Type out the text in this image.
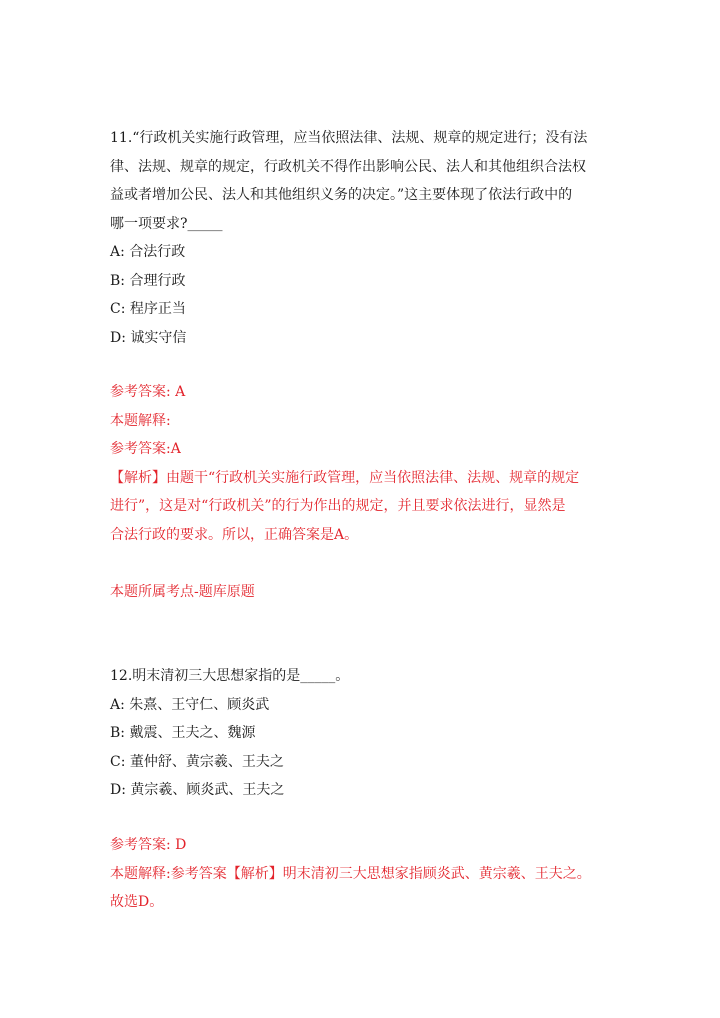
11.“行政机关实施行政管理，应当依照法律、法规、规章的规定进行；没有法
律、法规、规章的规定，行政机关不得作出影响公民、法人和其他组织合法权
益或者增加公民、法人和其他组织义务的决定。”这主要体现了依法行政中的
哪一项要求?_____
A: 合法行政
B: 合理行政
C: 程序正当
D: 诚实守信
参考答案: A
本题解释:
参考答案:A
【解析】由题干“行政机关实施行政管理，应当依照法律、法规、规章的规定
进行”，这是对“行政机关”的行为作出的规定，并且要求依法进行，显然是
合法行政的要求。所以，正确答案是A。
本题所属考点-题库原题
12.明末清初三大思想家指的是_____。
A: 朱熹、王守仁、顾炎武
B: 戴震、王夫之、魏源
C: 董仲舒、黄宗羲、王夫之
D: 黄宗羲、顾炎武、王夫之
参考答案: D
本题解释:参考答案【解析】明末清初三大思想家指顾炎武、黄宗羲、王夫之。
故选D。
